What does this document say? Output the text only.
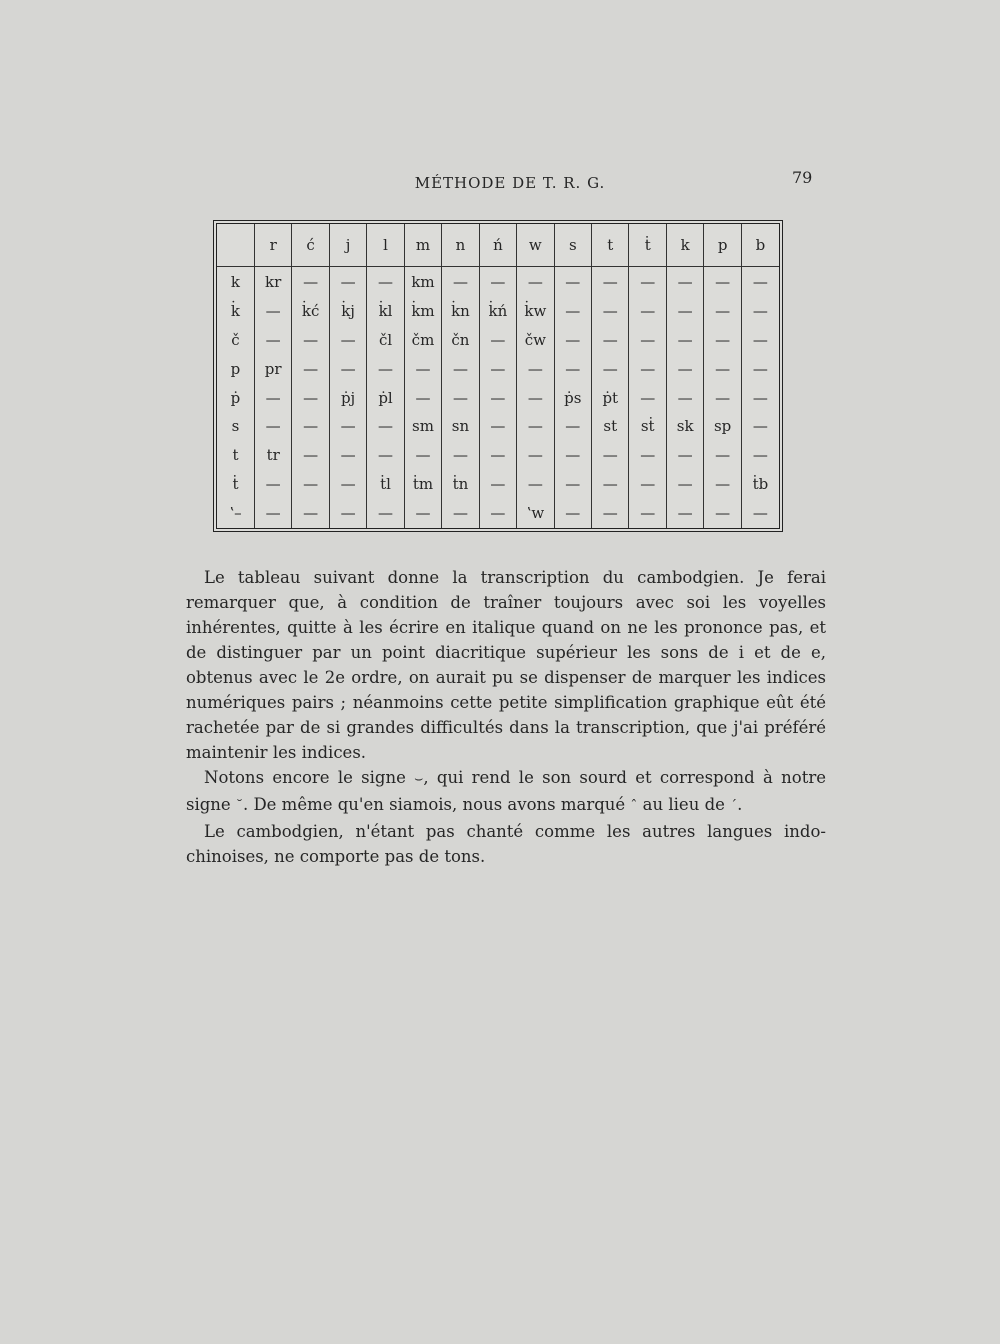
MÉTHODE DE T. R. G.	79
	r	ć	j	l	m	n	ń	w	s	t	ṫ	k	p	b
k	kr	—	—	—	km	—	—	—	—	—	—	—	—	—
k̇	—	k̇ć	k̇j	k̇l	k̇m	k̇n	k̇ń	k̇w	—	—	—	—	—	—
č	—	—	—	čl	čm	čn	—	čw	—	—	—	—	—	—
p	pr	—	—	—	—	—	—	—	—	—	—	—	—	—
ṗ	—	—	ṗj	ṗl	—	—	—	—	ṗs	ṗt	—	—	—	—
s	—	—	—	—	sm	sn	—	—	—	st	sṫ	sk	sp	—
t	tr	—	—	—	—	—	—	—	—	—	—	—	—	—
ṫ	—	—	—	ṫl	ṫm	ṫn	—	—	—	—	—	—	—	ṫb
ʽ–	—	—	—	—	—	—	—	ʽw	—	—	—	—	—	—

Le tableau suivant donne la transcription du cambodgien. Je ferai remarquer que, à condition de traîner toujours avec soi les voyelles inhérentes, quitte à les écrire en italique quand on ne les prononce pas, et de distinguer par un point diacritique supérieur les sons de i et de e, obtenus avec le 2e ordre, on aurait pu se dispenser de marquer les indices numériques pairs ; néanmoins cette petite simplification graphique eût été rachetée par de si grandes difficultés dans la transcription, que j'ai préféré maintenir les indices.

Notons encore le signe ⌣, qui rend le son sourd et correspond à notre signe ˘. De même qu'en siamois, nous avons marqué ˆ au lieu de ´.

Le cambodgien, n'étant pas chanté comme les autres langues indo-chinoises, ne comporte pas de tons.
